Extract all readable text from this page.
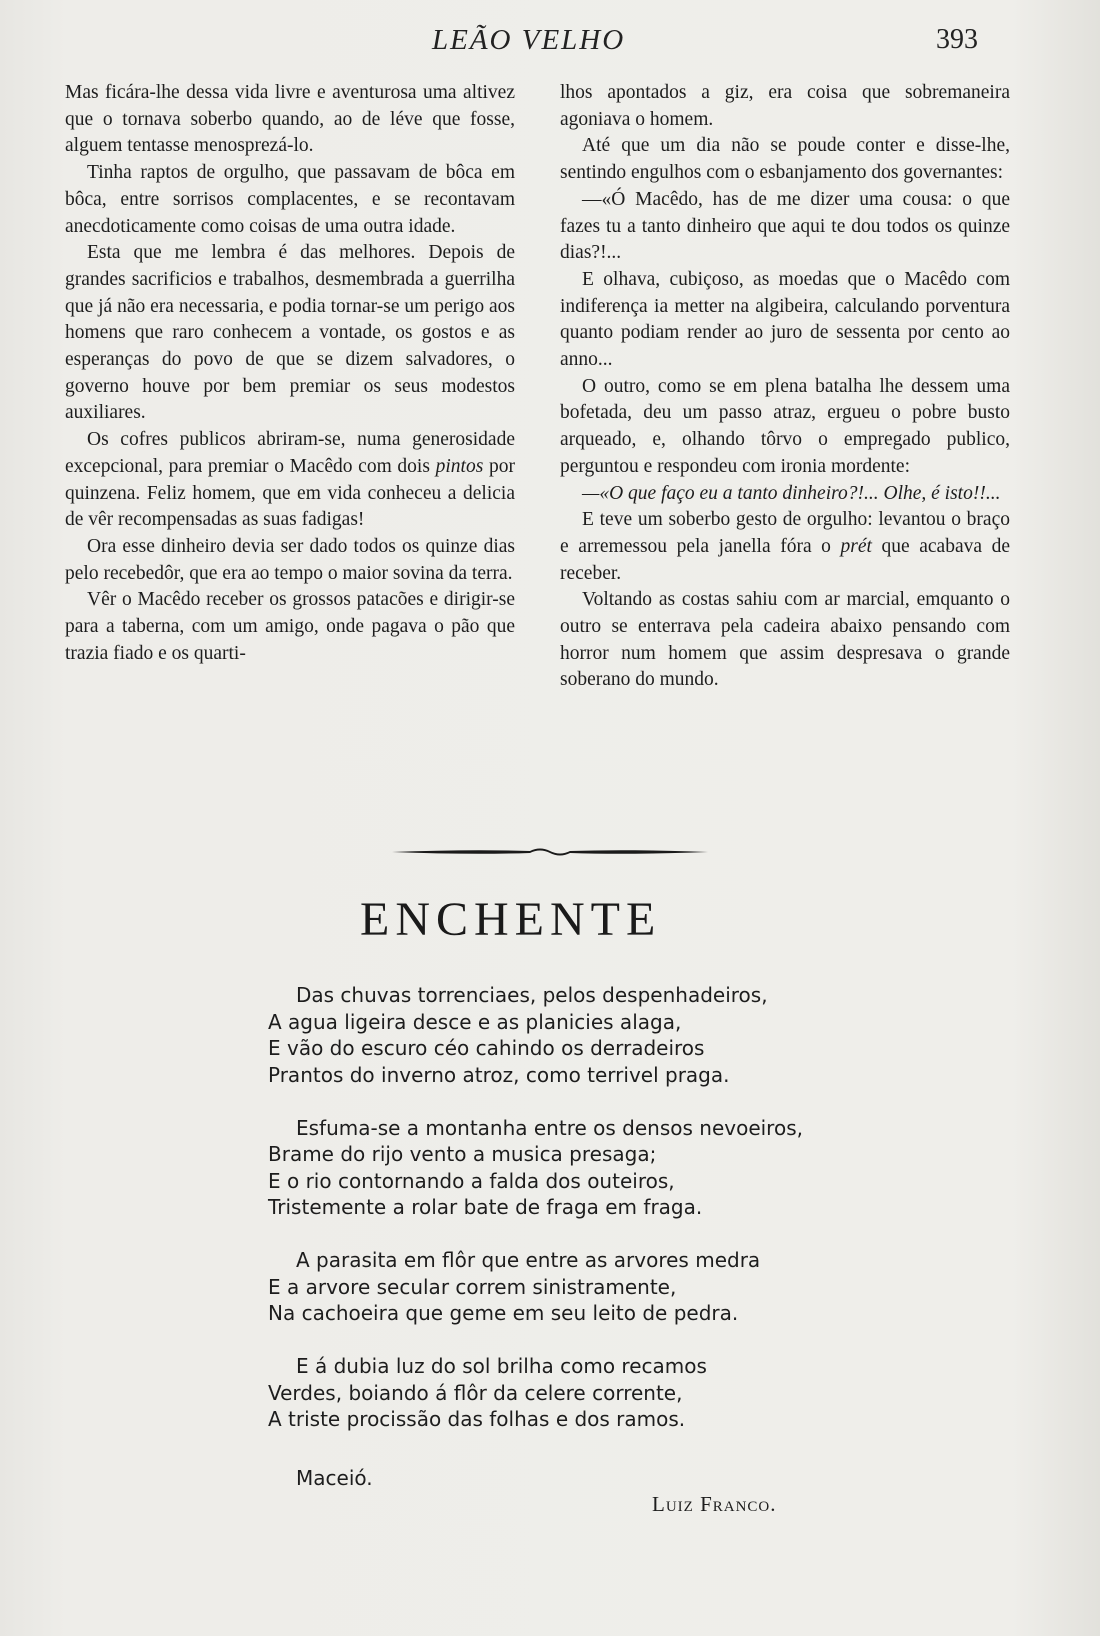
LEÃO VELHO	393

Mas ficára-lhe dessa vida livre e aventurosa uma altivez que o tornava soberbo quando, ao de léve que fosse, alguem tentasse menosprezá-lo.

Tinha raptos de orgulho, que passavam de bôca em bôca, entre sorrisos complacentes, e se recontavam anecdoticamente como coisas de uma outra idade.

Esta que me lembra é das melhores. Depois de grandes sacrificios e trabalhos, desmembrada a guerrilha que já não era necessaria, e podia tornar-se um perigo aos homens que raro conhecem a vontade, os gostos e as esperanças do povo de que se dizem salvadores, o governo houve por bem premiar os seus modestos auxiliares.

Os cofres publicos abriram-se, numa generosidade excepcional, para premiar o Macêdo com dois pintos por quinzena. Feliz homem, que em vida conheceu a delicia de vêr recompensadas as suas fadigas!

Ora esse dinheiro devia ser dado todos os quinze dias pelo recebedôr, que era ao tempo o maior sovina da terra.

Vêr o Macêdo receber os grossos patacões e dirigir-se para a taberna, com um amigo, onde pagava o pão que trazia fiado e os quarti-

lhos apontados a giz, era coisa que sobremaneira agoniava o homem.

Até que um dia não se poude conter e disse-lhe, sentindo engulhos com o esbanjamento dos governantes:

—«Ó Macêdo, has de me dizer uma cousa: o que fazes tu a tanto dinheiro que aqui te dou todos os quinze dias?!...

E olhava, cubiçoso, as moedas que o Macêdo com indiferença ia metter na algibeira, calculando porventura quanto podiam render ao juro de sessenta por cento ao anno...

O outro, como se em plena batalha lhe dessem uma bofetada, deu um passo atraz, ergueu o pobre busto arqueado, e, olhando tôrvo o empregado publico, perguntou e respondeu com ironia mordente:

—«O que faço eu a tanto dinheiro?!... Olhe, é isto!!...

E teve um soberbo gesto de orgulho: levantou o braço e arremessou pela janella fóra o prét que acabava de receber.

Voltando as costas sahiu com ar marcial, emquanto o outro se enterrava pela cadeira abaixo pensando com horror num homem que assim despresava o grande soberano do mundo.

ENCHENTE
Das chuvas torrenciaes, pelos despenhadeiros,
A agua ligeira desce e as planicies alaga,
E vão do escuro céo cahindo os derradeiros
Prantos do inverno atroz, como terrivel praga.
Esfuma-se a montanha entre os densos nevoeiros,
Brame do rijo vento a musica presaga;
E o rio contornando a falda dos outeiros,
Tristemente a rolar bate de fraga em fraga.
A parasita em flôr que entre as arvores medra
E a arvore secular correm sinistramente,
Na cachoeira que geme em seu leito de pedra.
E á dubia luz do sol brilha como recamos
Verdes, boiando á flôr da celere corrente,
A triste procissão das folhas e dos ramos.
Maceió.
Luiz Franco.
